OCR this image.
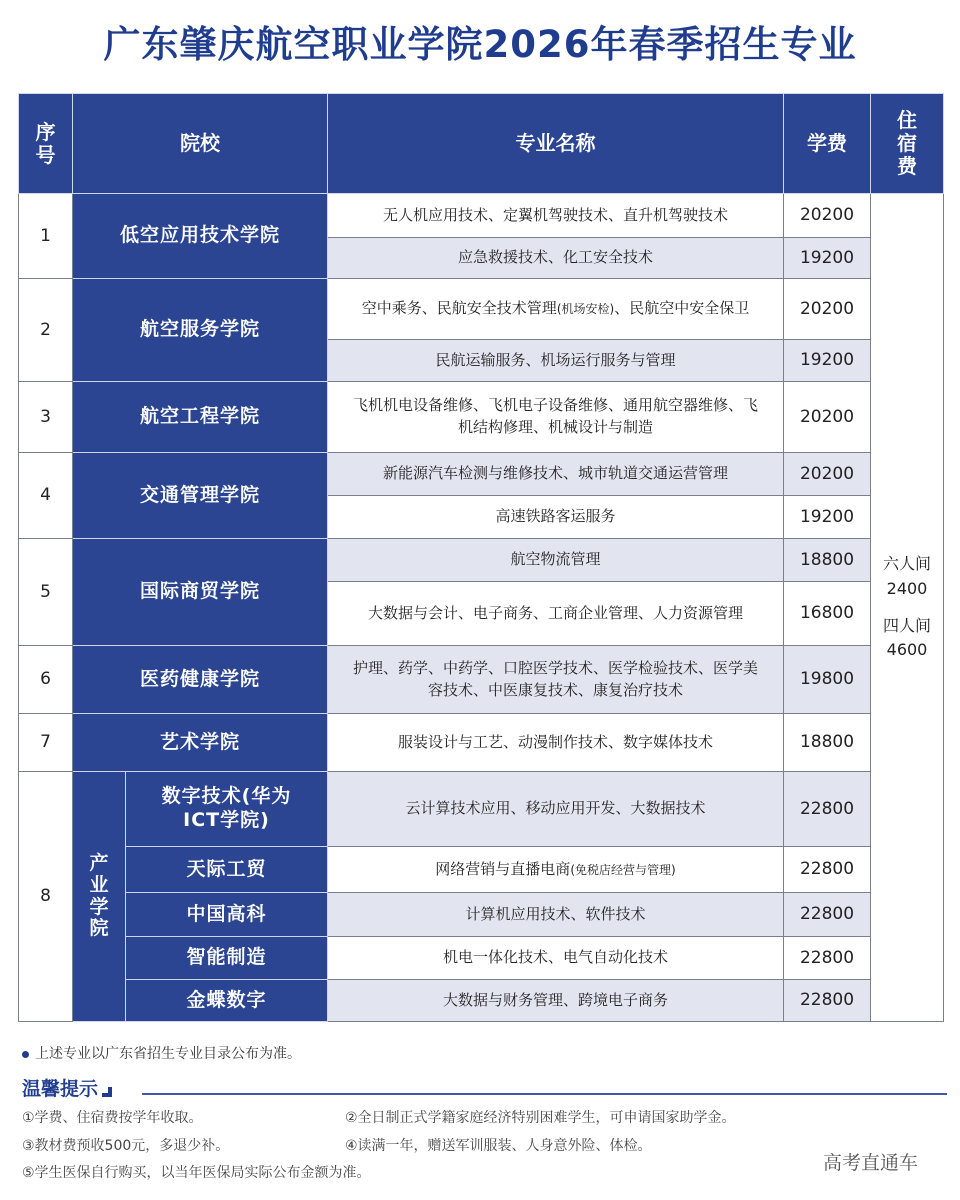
广东肇庆航空职业学院2026年春季招生专业
序号	院校		专业名称	学费	住宿费
1	低空应用技术学院		无人机应用技术、定翼机驾驶技术、直升机驾驶技术	20200	六人间
2400
四人间
4600

			应急救援技术、化工安全技术	19200	
2	航空服务学院		空中乘务、民航安全技术管理(机场安检)、民航空中安全保卫	20200	
			民航运输服务、机场运行服务与管理	19200	
3	航空工程学院		飞机机电设备维修、飞机电子设备维修、通用航空器维修、飞机结构修理、机械设计与制造	20200	
4	交通管理学院		新能源汽车检测与维修技术、城市轨道交通运营管理	20200	
			高速铁路客运服务	19200	
5	国际商贸学院		航空物流管理	18800	
			大数据与会计、电子商务、工商企业管理、人力资源管理	16800	
6	医药健康学院		护理、药学、中药学、口腔医学技术、医学检验技术、医学美容技术、中医康复技术、康复治疗技术	19800	
7	艺术学院		服装设计与工艺、动漫制作技术、数字媒体技术	18800	
8	产业学院	数字技术(华为ICT学院)	云计算技术应用、移动应用开发、大数据技术	22800	
		天际工贸	网络营销与直播电商(免税店经营与管理)	22800	
		中国高科	计算机应用技术、软件技术	22800	
		智能制造	机电一体化技术、电气自动化技术	22800	
		金蝶数字	大数据与财务管理、跨境电子商务	22800	
上述专业以广东省招生专业目录公布为准。
温馨提示
①学费、住宿费按学年收取。	②全日制正式学籍家庭经济特别困难学生，可申请国家助学金。
③教材费预收500元，多退少补。	④读满一年，赠送军训服装、人身意外险、体检。
⑤学生医保自行购买，以当年医保局实际公布金额为准。	高考直通车
